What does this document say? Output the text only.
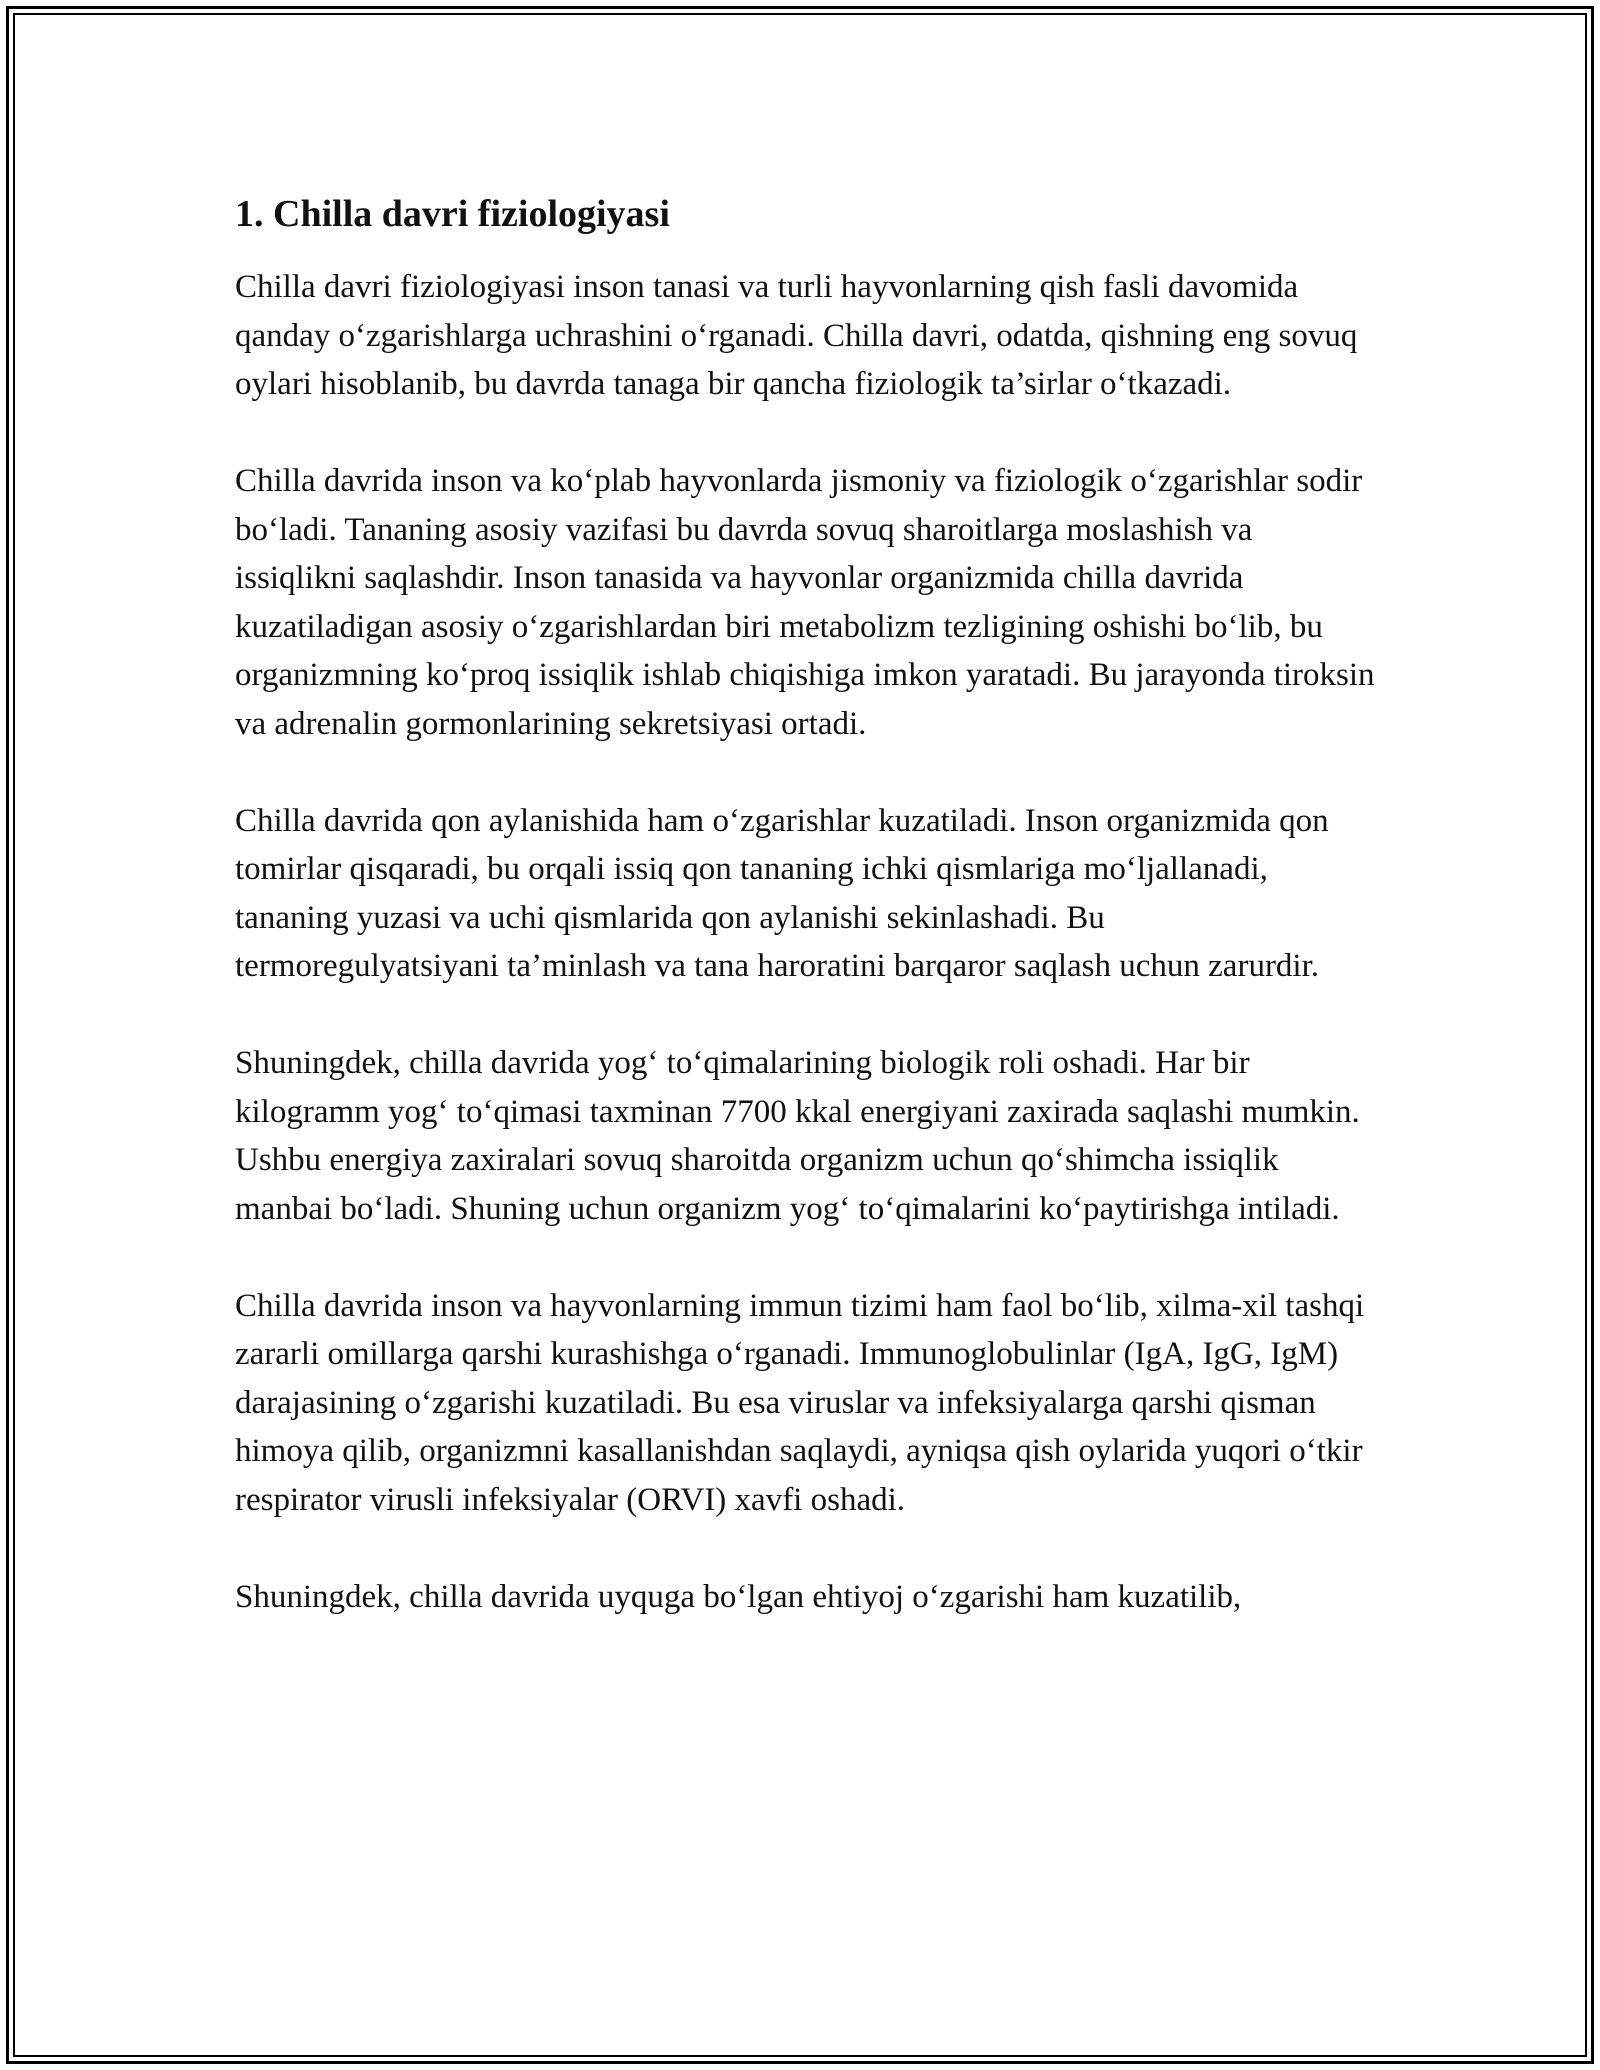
1. Chilla davri fiziologiyasi

Chilla davri fiziologiyasi inson tanasi va turli hayvonlarning qish fasli davomida qanday o‘zgarishlarga uchrashini o‘rganadi. Chilla davri, odatda, qishning eng sovuq oylari hisoblanib, bu davrda tanaga bir qancha fiziologik ta’sirlar o‘tkazadi.

Chilla davrida inson va ko‘plab hayvonlarda jismoniy va fiziologik o‘zgarishlar sodir bo‘ladi. Tananing asosiy vazifasi bu davrda sovuq sharoitlarga moslashish va issiqlikni saqlashdir. Inson tanasida va hayvonlar organizmida chilla davrida kuzatiladigan asosiy o‘zgarishlardan biri metabolizm tezligining oshishi bo‘lib, bu organizmning ko‘proq issiqlik ishlab chiqishiga imkon yaratadi. Bu jarayonda tiroksin va adrenalin gormonlarining sekretsiyasi ortadi.

Chilla davrida qon aylanishida ham o‘zgarishlar kuzatiladi. Inson organizmida qon tomirlar qisqaradi, bu orqali issiq qon tananing ichki qismlariga mo‘ljallanadi, tananing yuzasi va uchi qismlarida qon aylanishi sekinlashadi. Bu termoregulyatsiyani ta’minlash va tana haroratini barqaror saqlash uchun zarurdir.

Shuningdek, chilla davrida yog‘ to‘qimalarining biologik roli oshadi. Har bir kilogramm yog‘ to‘qimasi taxminan 7700 kkal energiyani zaxirada saqlashi mumkin. Ushbu energiya zaxiralari sovuq sharoitda organizm uchun qo‘shimcha issiqlik manbai bo‘ladi. Shuning uchun organizm yog‘ to‘qimalarini ko‘paytirishga intiladi.

Chilla davrida inson va hayvonlarning immun tizimi ham faol bo‘lib, xilma-xil tashqi zararli omillarga qarshi kurashishga o‘rganadi. Immunoglobulinlar (IgA, IgG, IgM) darajasining o‘zgarishi kuzatiladi. Bu esa viruslar va infeksiyalarga qarshi qisman himoya qilib, organizmni kasallanishdan saqlaydi, ayniqsa qish oylarida yuqori o‘tkir respirator virusli infeksiyalar (ORVI) xavfi oshadi.

Shuningdek, chilla davrida uyquga bo‘lgan ehtiyoj o‘zgarishi ham kuzatilib,
